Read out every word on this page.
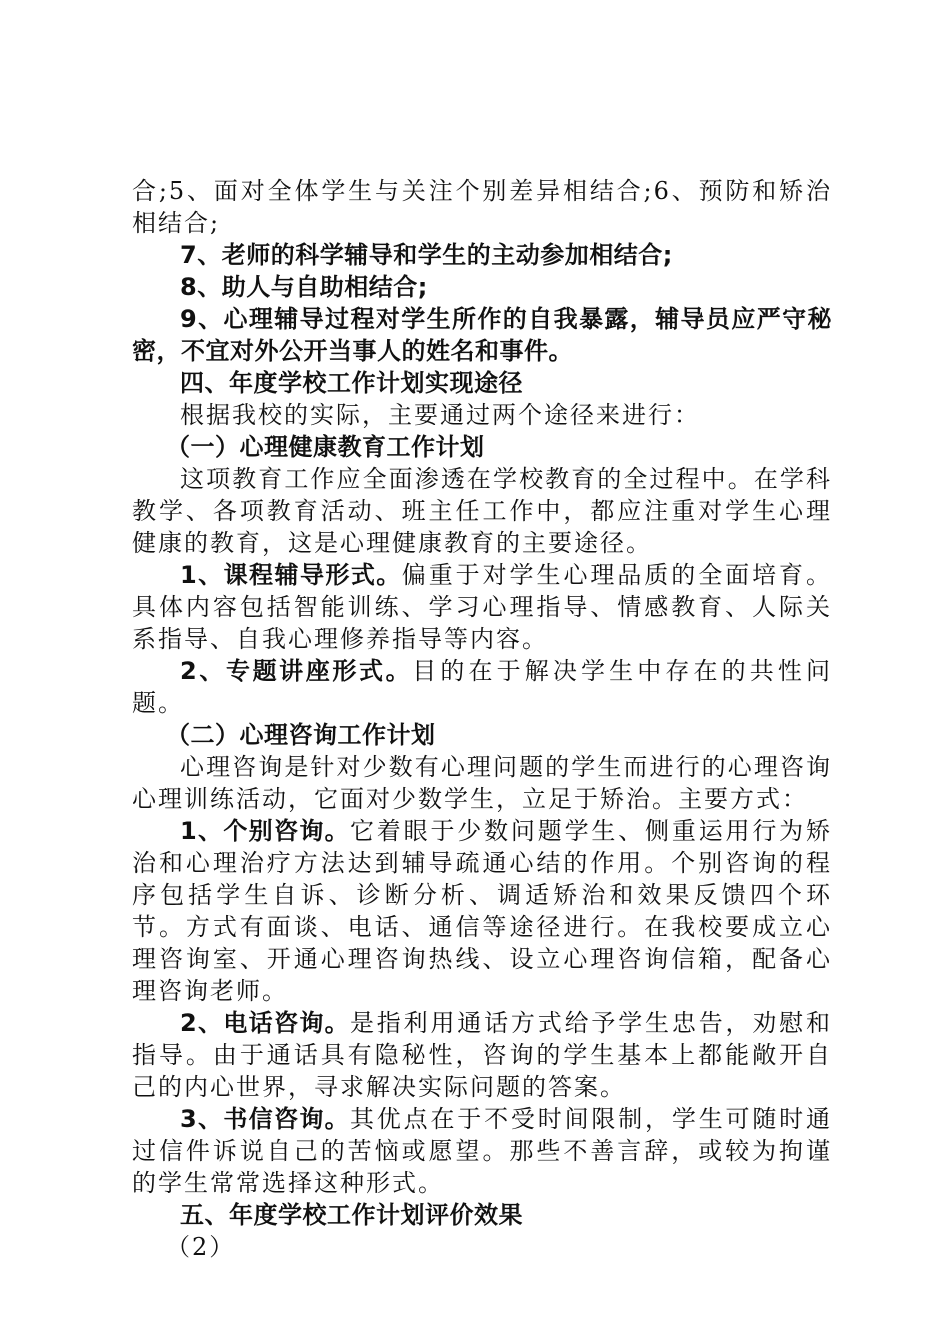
合;5、面对全体学生与关注个别差异相结合;6、预防和矫治相结合;

7、老师的科学辅导和学生的主动参加相结合;

8、助人与自助相结合;

9、心理辅导过程对学生所作的自我暴露，辅导员应严守秘密，不宜对外公开当事人的姓名和事件。

四、年度学校工作计划实现途径

根据我校的实际，主要通过两个途径来进行：

（一）心理健康教育工作计划

这项教育工作应全面渗透在学校教育的全过程中。在学科教学、各项教育活动、班主任工作中，都应注重对学生心理健康的教育，这是心理健康教育的主要途径。

1、课程辅导形式。偏重于对学生心理品质的全面培育。具体内容包括智能训练、学习心理指导、情感教育、人际关系指导、自我心理修养指导等内容。

2、专题讲座形式。目的在于解决学生中存在的共性问题。

（二）心理咨询工作计划

心理咨询是针对少数有心理问题的学生而进行的心理咨询心理训练活动，它面对少数学生，立足于矫治。主要方式：

1、个别咨询。它着眼于少数问题学生、侧重运用行为矫治和心理治疗方法达到辅导疏通心结的作用。个别咨询的程序包括学生自诉、诊断分析、调适矫治和效果反馈四个环节。方式有面谈、电话、通信等途径进行。在我校要成立心理咨询室、开通心理咨询热线、设立心理咨询信箱，配备心理咨询老师。

2、电话咨询。是指利用通话方式给予学生忠告，劝慰和指导。由于通话具有隐秘性，咨询的学生基本上都能敞开自己的内心世界，寻求解决实际问题的答案。

3、书信咨询。其优点在于不受时间限制，学生可随时通过信件诉说自己的苦恼或愿望。那些不善言辞，或较为拘谨的学生常常选择这种形式。

五、年度学校工作计划评价效果

（2）
